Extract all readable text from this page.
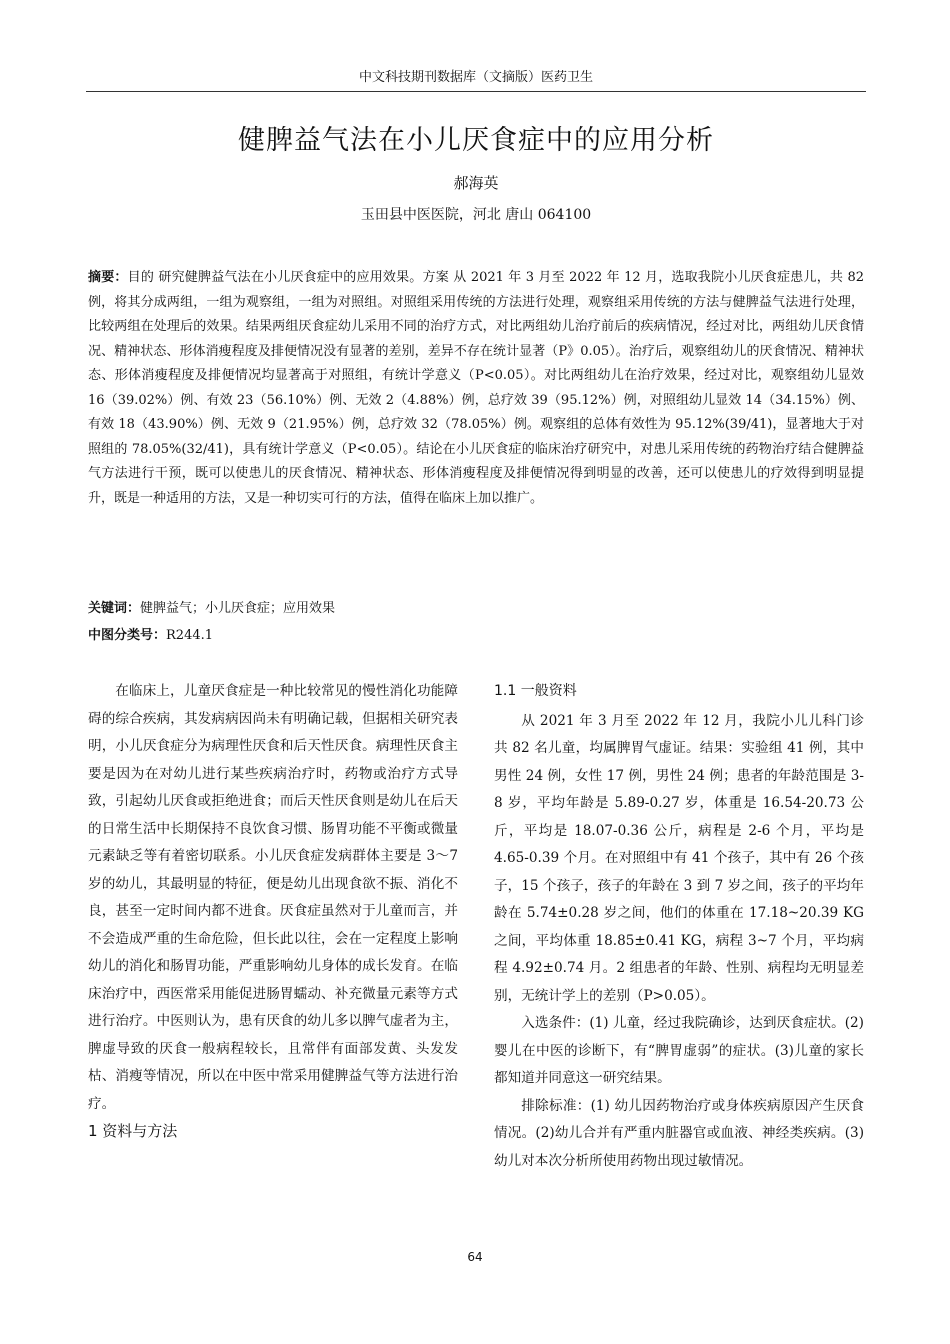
中文科技期刊数据库（文摘版）医药卫生
健脾益气法在小儿厌食症中的应用分析
郝海英
玉田县中医医院，河北 唐山 064100
摘要：目的 研究健脾益气法在小儿厌食症中的应用效果。方案 从 2021 年 3 月至 2022 年 12 月，选取我院小儿厌食症患儿，共 82 例，将其分成两组，一组为观察组，一组为对照组。对照组采用传统的方法进行处理，观察组采用传统的方法与健脾益气法进行处理，比较两组在处理后的效果。结果两组厌食症幼儿采用不同的治疗方式，对比两组幼儿治疗前后的疾病情况，经过对比，两组幼儿厌食情况、精神状态、形体消瘦程度及排便情况没有显著的差别，差异不存在统计显著（P》0.05）。治疗后，观察组幼儿的厌食情况、精神状态、形体消瘦程度及排便情况均显著高于对照组，有统计学意义（P<0.05）。对比两组幼儿在治疗效果，经过对比，观察组幼儿显效 16（39.02%）例、有效 23（56.10%）例、无效 2（4.88%）例，总疗效 39（95.12%）例，对照组幼儿显效 14（34.15%）例、有效 18（43.90%）例、无效 9（21.95%）例，总疗效 32（78.05%）例。观察组的总体有效性为 95.12%(39/41)，显著地大于对照组的 78.05%(32/41)，具有统计学意义（P<0.05）。结论在小儿厌食症的临床治疗研究中，对患儿采用传统的药物治疗结合健脾益气方法进行干预，既可以使患儿的厌食情况、精神状态、形体消瘦程度及排便情况得到明显的改善，还可以使患儿的疗效得到明显提升，既是一种适用的方法，又是一种切实可行的方法，值得在临床上加以推广。
关键词：健脾益气；小儿厌食症；应用效果
中图分类号：R244.1

在临床上，儿童厌食症是一种比较常见的慢性消化功能障碍的综合疾病，其发病病因尚未有明确记载，但据相关研究表明，小儿厌食症分为病理性厌食和后天性厌食。病理性厌食主要是因为在对幼儿进行某些疾病治疗时，药物或治疗方式导致，引起幼儿厌食或拒绝进食；而后天性厌食则是幼儿在后天的日常生活中长期保持不良饮食习惯、肠胃功能不平衡或微量元素缺乏等有着密切联系。小儿厌食症发病群体主要是 3～7 岁的幼儿，其最明显的特征，便是幼儿出现食欲不振、消化不良，甚至一定时间内都不进食。厌食症虽然对于儿童而言，并不会造成严重的生命危险，但长此以往，会在一定程度上影响幼儿的消化和肠胃功能，严重影响幼儿身体的成长发育。在临床治疗中，西医常采用能促进肠胃蠕动、补充微量元素等方式进行治疗。中医则认为，患有厌食的幼儿多以脾气虚者为主，脾虚导致的厌食一般病程较长，且常伴有面部发黄、头发发枯、消瘦等情况，所以在中医中常采用健脾益气等方法进行治疗。

1 资料与方法

1.1 一般资料

从 2021 年 3 月至 2022 年 12 月，我院小儿儿科门诊共 82 名儿童，均属脾胃气虚证。结果：实验组 41 例，其中男性 24 例，女性 17 例，男性 24 例；患者的年龄范围是 3-8 岁，平均年龄是 5.89-0.27 岁，体重是 16.54-20.73 公斤，平均是 18.07-0.36 公斤，病程是 2-6 个月，平均是 4.65-0.39 个月。在对照组中有 41 个孩子，其中有 26 个孩子，15 个孩子，孩子的年龄在 3 到 7 岁之间，孩子的平均年龄在 5.74±0.28 岁之间，他们的体重在 17.18~20.39 KG 之间，平均体重 18.85±0.41 KG，病程 3~7 个月，平均病程 4.92±0.74 月。2 组患者的年龄、性别、病程均无明显差别，无统计学上的差别（P>0.05）。

入选条件：(1) 儿童，经过我院确诊，达到厌食症状。(2)婴儿在中医的诊断下，有“脾胃虚弱”的症状。(3)儿童的家长都知道并同意这一研究结果。

排除标准：(1) 幼儿因药物治疗或身体疾病原因产生厌食情况。(2)幼儿合并有严重内脏器官或血液、神经类疾病。(3) 幼儿对本次分析所使用药物出现过敏情况。

64
